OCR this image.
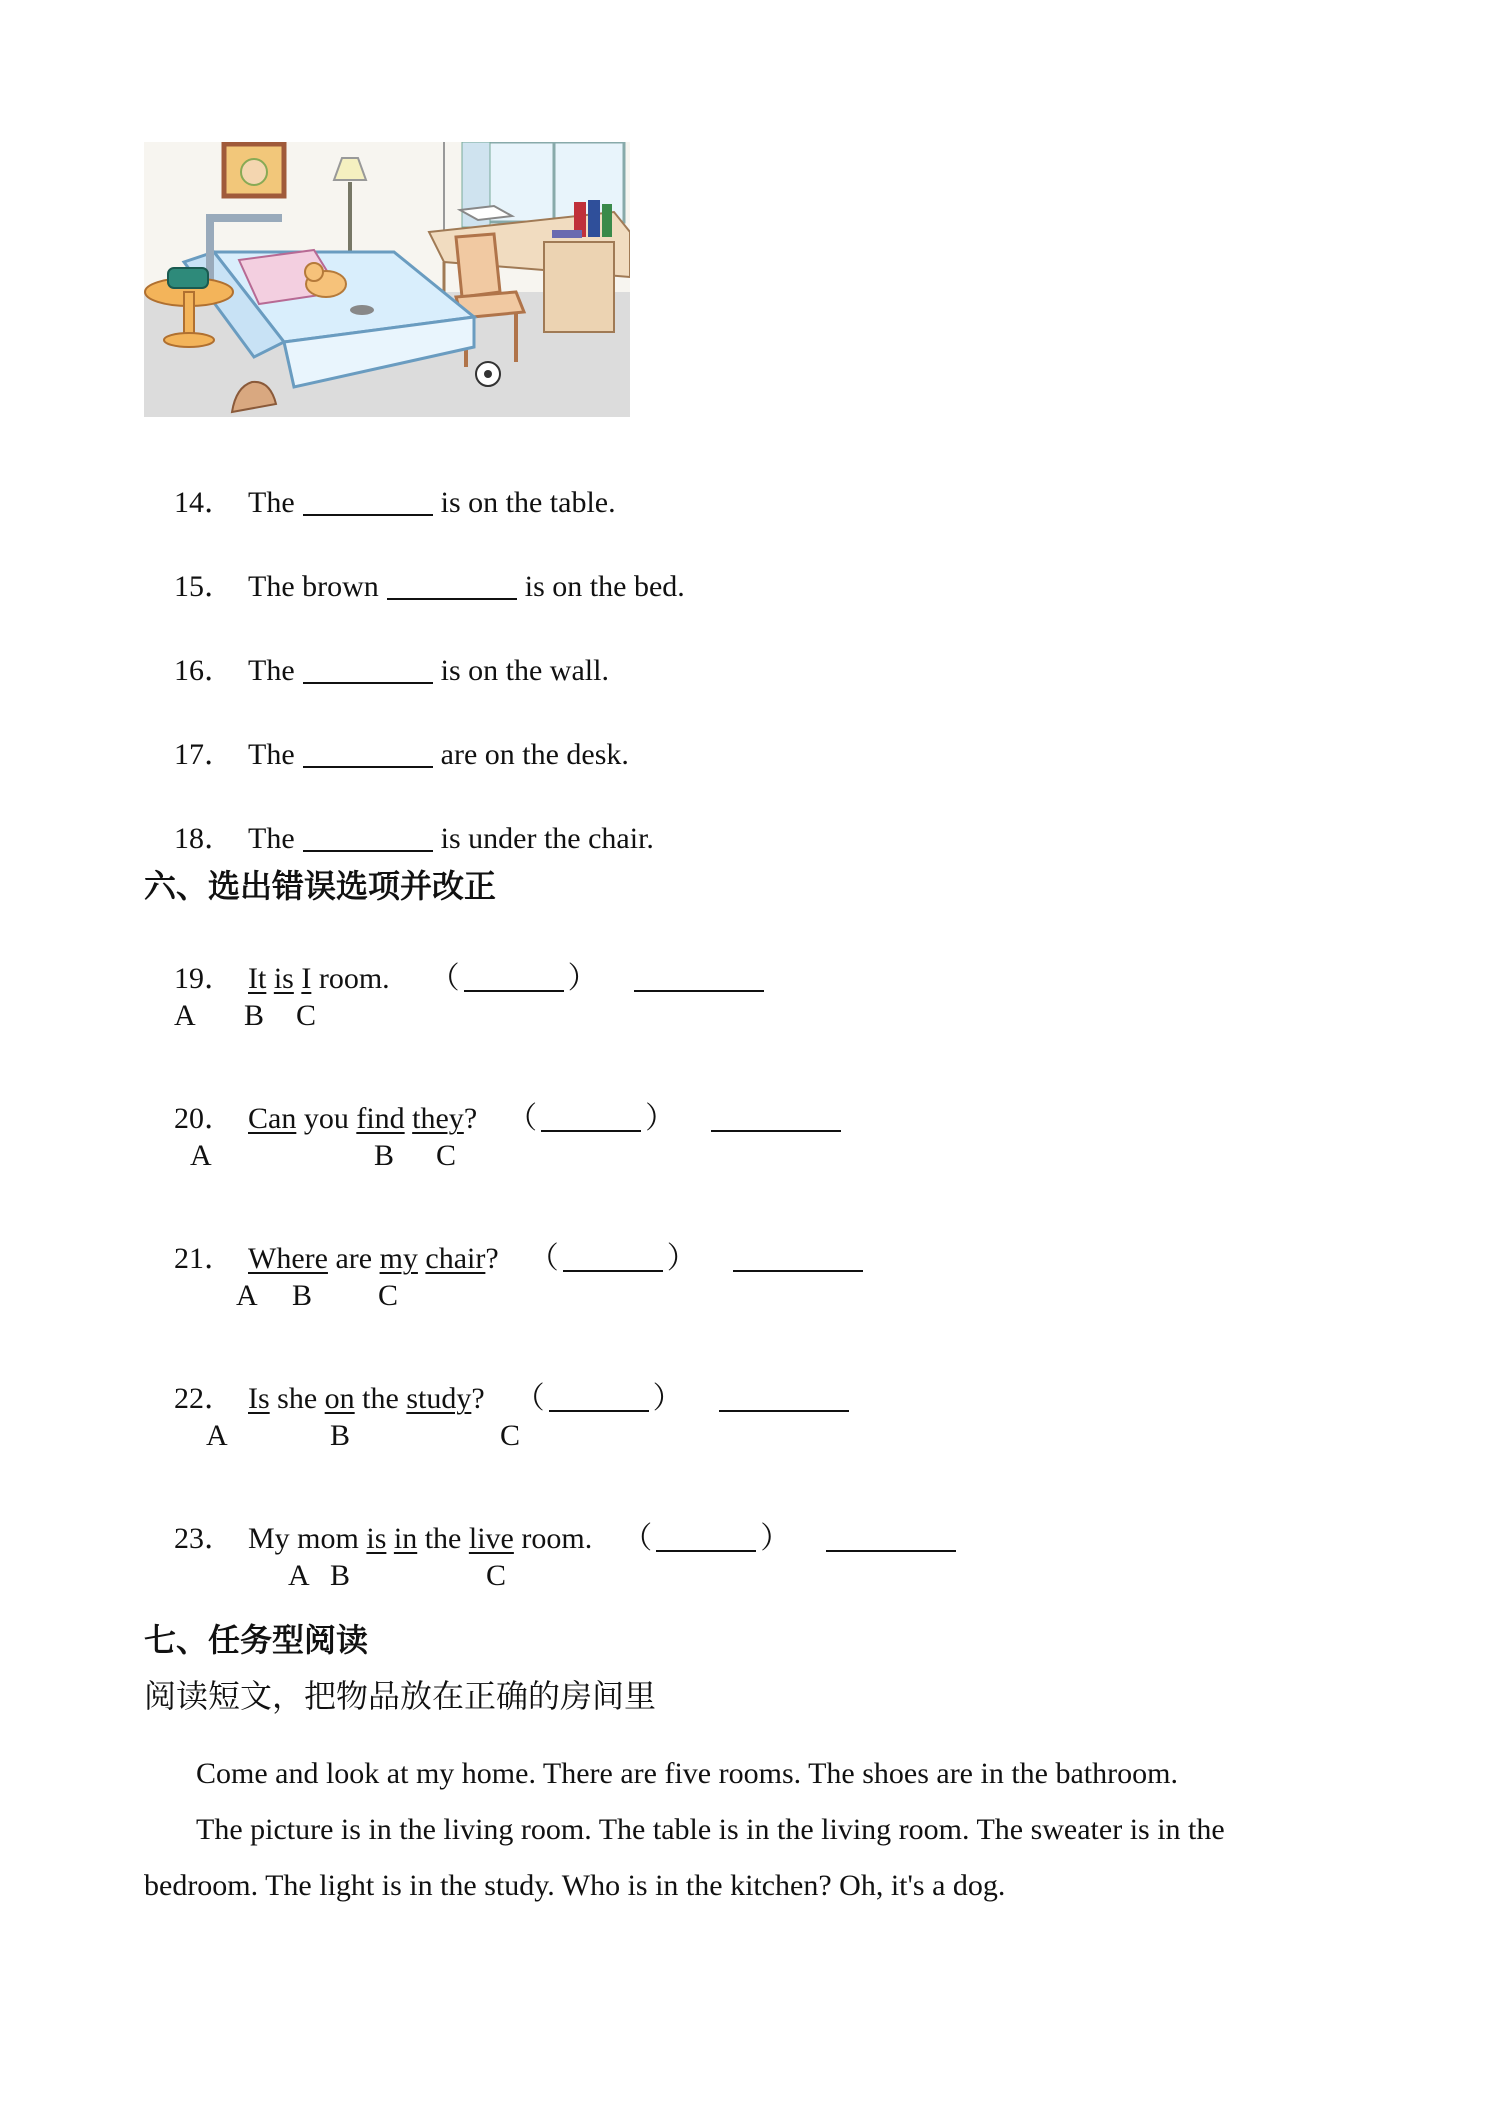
14． The	is on the table.

15． The brown	is on the bed.

16． The	is on the wall.

17． The	are on the desk.

18． The	is under the chair.

六、选出错误选项并改正

19． It is I room. （	）

A B C

20． Can you find they? （	）

A	B C

21． Where are my chair? （	）

A B C

22． Is she on the study? （	）

A	B	C

23． My mom is in the live room. （	）

A B	C
七、任务型阅读
阅读短文，把物品放在正确的房间里

Come and look at my home. There are five rooms. The shoes are in the bathroom.

The picture is in the living room. The table is in the living room. The sweater is in the bedroom. The light is in the study. Who is in the kitchen? Oh, it's a dog.
